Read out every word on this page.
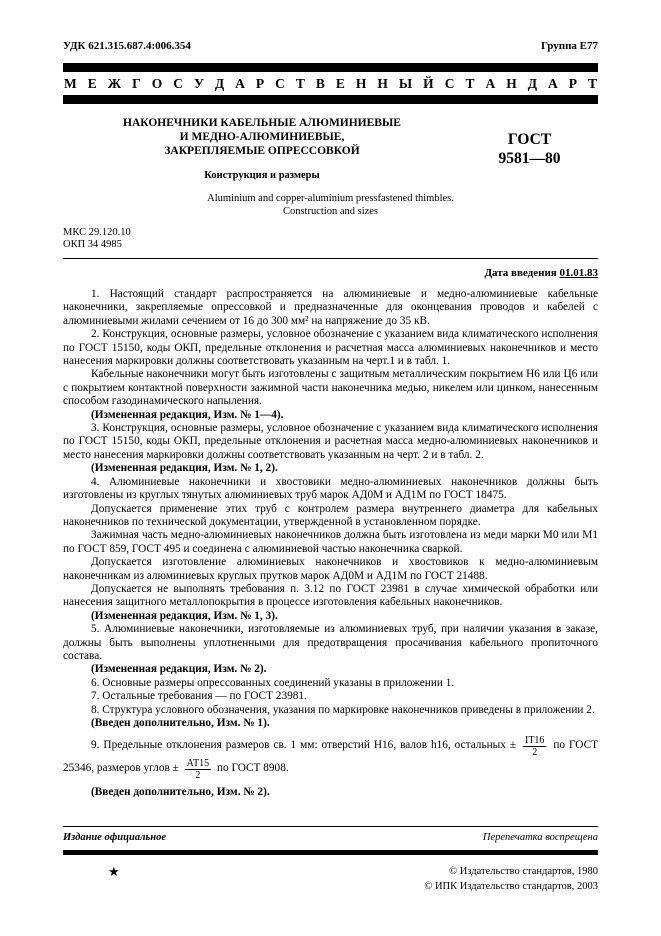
УДК 621.315.687.4:006.354	Группа Е77
М Е Ж Г О С У Д А Р С Т В Е Н Н Ы Й С Т А Н Д А Р Т
НАКОНЕЧНИКИ КАБЕЛЬНЫЕ АЛЮМИНИЕВЫЕ
И МЕДНО-АЛЮМИНИЕВЫЕ,
ЗАКРЕПЛЯЕМЫЕ ОПРЕССОВКОЙ
Конструкция и размеры
ГОСТ
9581—80
Aluminium and copper-aluminium pressfastened thimbles.
Construction and sizes
МКС 29.120.10
ОКП 34 4985
Дата введения 01.01.83

1. Настоящий стандарт распространяется на алюминиевые и медно-алюминиевые кабельные наконечники, закрепляемые опрессовкой и предназначенные для оконцевания проводов и кабелей с алюминиевыми жилами сечением от 16 до 300 мм² на напряжение до 35 кВ.

2. Конструкция, основные размеры, условное обозначение с указанием вида климатического исполнения по ГОСТ 15150, коды ОКП, предельные отклонения и расчетная масса алюминиевых наконечников и место нанесения маркировки должны соответствовать указанным на черт.1 и в табл. 1.

Кабельные наконечники могут быть изготовлены с защитным металлическим покрытием Н6 или Ц6 или с покрытием контактной поверхности зажимной части наконечника медью, никелем или цинком, нанесенным способом газодинамического напыления.

(Измененная редакция, Изм. № 1—4).

3. Конструкция, основные размеры, условное обозначение с указанием вида климатического исполнения по ГОСТ 15150, коды ОКП, предельные отклонения и расчетная масса медно-алюминиевых наконечников и место нанесения маркировки должны соответствовать указанным на черт. 2 и в табл. 2.

(Измененная редакция, Изм. № 1, 2).

4. Алюминиевые наконечники и хвостовики медно-алюминиевых наконечников должны быть изготовлены из круглых тянутых алюминиевых труб марок АД0М и АД1М по ГОСТ 18475.

Допускается применение этих труб с контролем размера внутреннего диаметра для кабельных наконечников по технической документации, утвержденной в установленном порядке.

Зажимная часть медно-алюминиевых наконечников должна быть изготовлена из меди марки М0 или М1 по ГОСТ 859, ГОСТ 495 и соединена с алюминиевой частью наконечника сваркой.

Допускается изготовление алюминиевых наконечников и хвостовиков к медно-алюминиевым наконечникам из алюминиевых круглых прутков марок АД0М и АД1М по ГОСТ 21488.

Допускается не выполнять требования п. 3.12 по ГОСТ 23981 в случае химической обработки или нанесения защитного металлопокрытия в процессе изготовления кабельных наконечников.

(Измененная редакция, Изм. № 1, 3).

5. Алюминиевые наконечники, изготовляемые из алюминиевых труб, при наличии указания в заказе, должны быть выполнены уплотненными для предотвращения просачивания кабельного пропиточного состава.

(Измененная редакция, Изм. № 2).

6. Основные размеры опрессованных соединений указаны в приложении 1.

7. Остальные требования — по ГОСТ 23981.

8. Структура условного обозначения, указания по маркировке наконечников приведены в приложении 2.

(Введен дополнительно, Изм. № 1).

9. Предельные отклонения размеров св. 1 мм: отверстий Н16, валов h16, остальных ± $\frac{IT16}{2}$ по ГОСТ 25346, размеров углов ± $\frac{АТ15}{2}$ по ГОСТ 8908.

(Введен дополнительно, Изм. № 2).

Издание официальное	Перепечатка воспрещена
★	© Издательство стандартов, 1980
© ИПК Издательство стандартов, 2003
